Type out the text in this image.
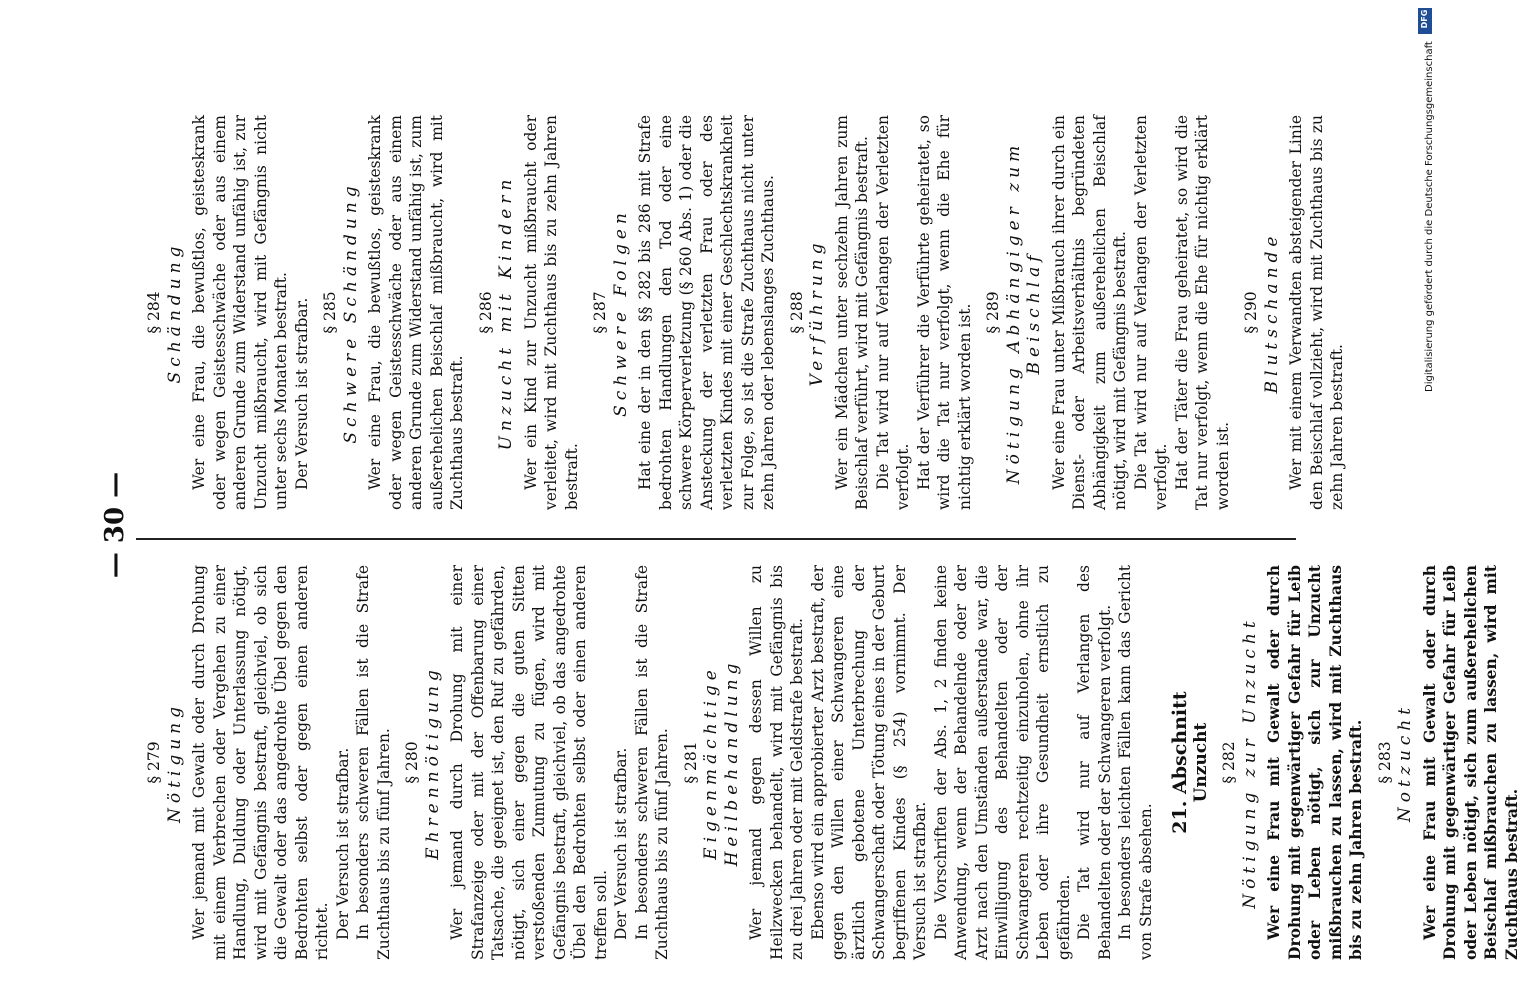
— 30 —
§ 279 Nötigung Wer jemand mit Gewalt oder durch Drohung mit einem Verbrechen oder Vergehen zu einer Handlung, Duldung oder Unterlassung nötigt, wird mit Gefängnis bestraft, gleichviel, ob sich die Gewalt oder das angedrohte Übel gegen den Bedrohten selbst oder gegen einen anderen richtet. Der Versuch ist strafbar. In besonders schweren Fällen ist die Strafe Zuchthaus bis zu fünf Jahren. § 280 Ehrennötigung Wer jemand durch Drohung mit einer Strafanzeige oder mit der Offenbarung einer Tatsache, die geeignet ist, den Ruf zu gefährden, nötigt, sich einer gegen die guten Sitten verstoßenden Zumutung zu fügen, wird mit Gefängnis bestraft, gleichviel, ob das angedrohte Übel den Bedrohten selbst oder einen anderen treffen soll. Der Versuch ist strafbar. In besonders schweren Fällen ist die Strafe Zuchthaus bis zu fünf Jahren. § 281 Eigenmächtige Heilbehandlung Wer jemand gegen dessen Willen zu Heilzwecken behandelt, wird mit Gefängnis bis zu drei Jahren oder mit Geldstrafe bestraft. Ebenso wird ein approbierter Arzt bestraft, der gegen den Willen einer Schwangeren eine ärztlich gebotene Unterbrechung der Schwangerschaft oder Tötung eines in der Geburt begriffenen Kindes (§ 254) vornimmt. Der Versuch ist strafbar. Die Vorschriften der Abs. 1, 2 finden keine Anwendung, wenn der Behandelnde oder der Arzt nach den Umständen außerstande war, die Einwilligung des Behandelten oder der Schwangeren rechtzeitig einzuholen, ohne ihr Leben oder ihre Gesundheit ernstlich zu gefährden. Die Tat wird nur auf Verlangen des Behandelten oder der Schwangeren verfolgt. In besonders leichten Fällen kann das Gericht von Strafe absehen.

21. Abschnitt Unzucht § 282 Nötigung zur Unzucht Wer eine Frau mit Gewalt oder durch Drohung mit gegenwärtiger Gefahr für Leib oder Leben nötigt, sich zur Unzucht mißbrauchen zu lassen, wird mit Zuchthaus bis zu zehn Jahren bestraft. § 283 Notzucht Wer eine Frau mit Gewalt oder durch Drohung mit gegenwärtiger Gefahr für Leib oder Leben nötigt, sich zum außerehelichen Beischlaf mißbrauchen zu lassen, wird mit Zuchthaus bestraft.

§ 284 Schändung Wer eine Frau, die bewußtlos, geisteskrank oder wegen Geistesschwäche oder aus einem anderen Grunde zum Widerstand unfähig ist, zur Unzucht mißbraucht, wird mit Gefängnis nicht unter sechs Monaten bestraft. Der Versuch ist strafbar. § 285 Schwere Schändung Wer eine Frau, die bewußtlos, geisteskrank oder wegen Geistesschwäche oder aus einem anderen Grunde zum Widerstand unfähig ist, zum außerehelichen Beischlaf mißbraucht, wird mit Zuchthaus bestraft.

§ 286 Unzucht mit Kindern Wer ein Kind zur Unzucht mißbraucht oder verleitet, wird mit Zuchthaus bis zu zehn Jahren bestraft.

§ 287 Schwere Folgen Hat eine der in den §§ 282 bis 286 mit Strafe bedrohten Handlungen den Tod oder eine schwere Körperverletzung (§ 260 Abs. 1) oder die Ansteckung der verletzten Frau oder des verletzten Kindes mit einer Geschlechtskrankheit zur Folge, so ist die Strafe Zuchthaus nicht unter zehn Jahren oder lebenslanges Zuchthaus. § 288 Verführung Wer ein Mädchen unter sechzehn Jahren zum Beischlaf verführt, wird mit Gefängnis bestraft. Die Tat wird nur auf Verlangen der Verletzten verfolgt. Hat der Verführer die Verführte geheiratet, so wird die Tat nur verfolgt, wenn die Ehe für nichtig erklärt worden ist. § 289 Nötigung Abhängiger zum Beischlaf Wer eine Frau unter Mißbrauch ihrer durch ein Dienst- oder Arbeitsverhältnis begründeten Abhängigkeit zum außerehelichen Beischlaf nötigt, wird mit Gefängnis bestraft. Die Tat wird nur auf Verlangen der Verletzten verfolgt. Hat der Täter die Frau geheiratet, so wird die Tat nur verfolgt, wenn die Ehe für nichtig erklärt worden ist.

§ 290 Blutschande Wer mit einem Verwandten absteigender Linie den Beischlaf vollzieht, wird mit Zuchthaus bis zu zehn Jahren bestraft.

DFG
Digitalisierung gefördert durch die Deutsche Forschungsgemeinschaft
